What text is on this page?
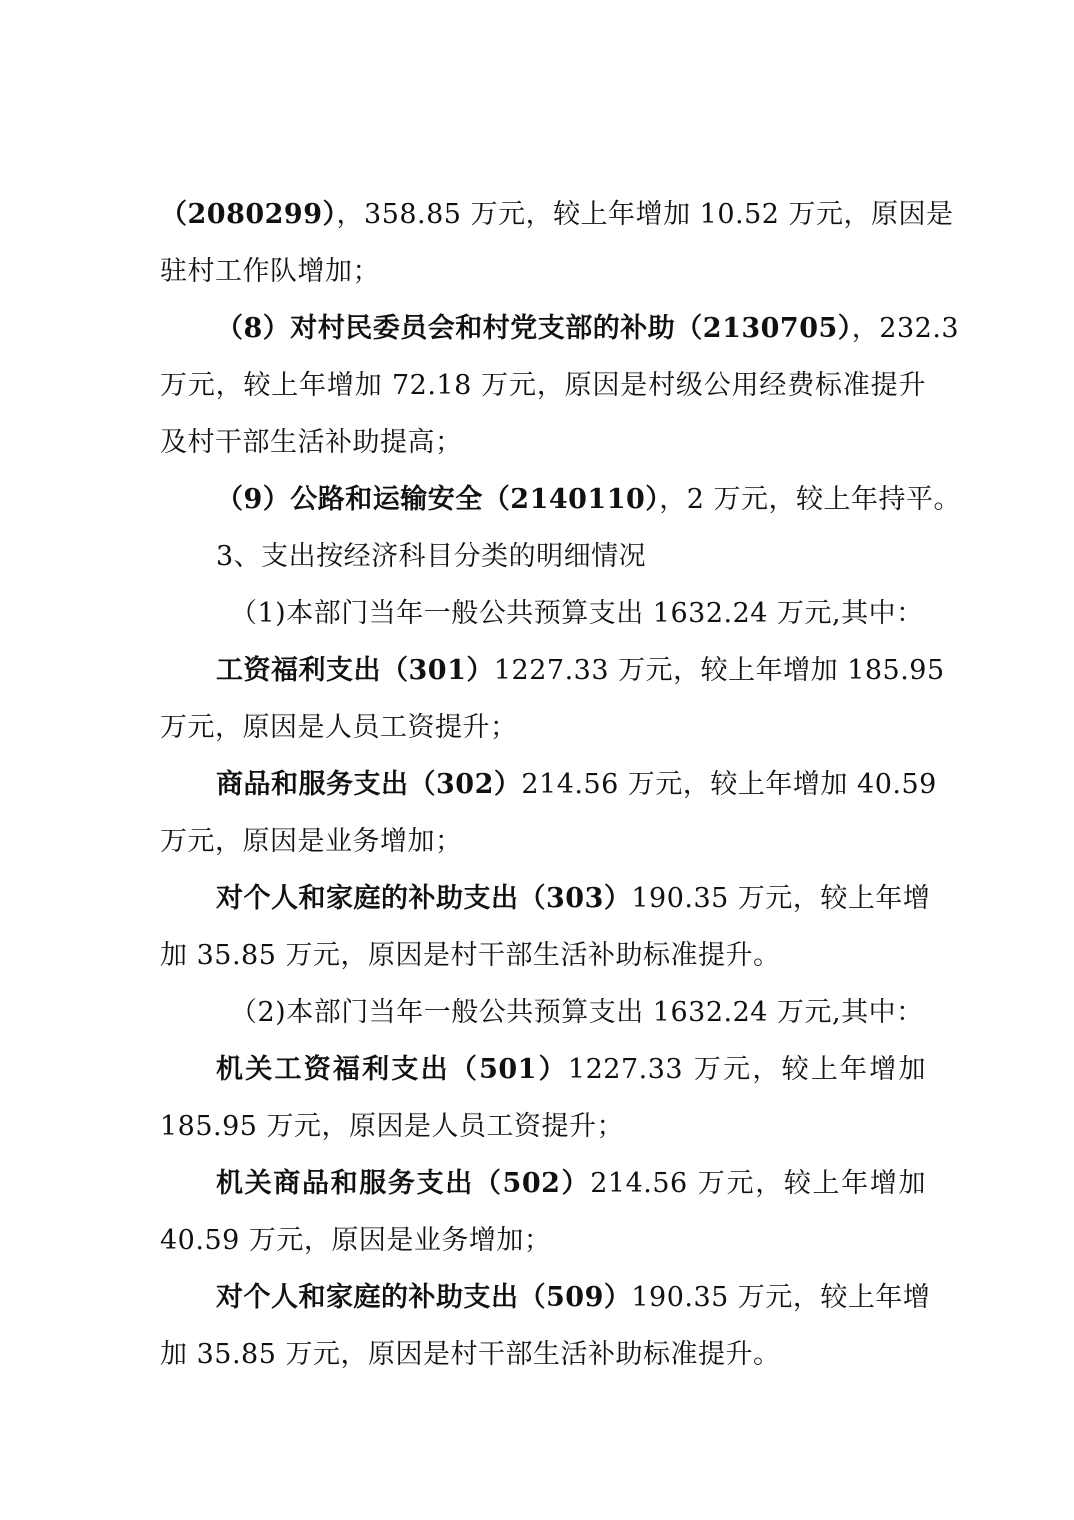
（2080299），358.85 万元，较上年增加 10.52 万元，原因是
驻村工作队增加；
（8）对村民委员会和村党支部的补助（2130705），232.3
万元，较上年增加 72.18 万元，原因是村级公用经费标准提升
及村干部生活补助提高；
（9）公路和运输安全（2140110），2 万元，较上年持平。
3、支出按经济科目分类的明细情况
（1)本部门当年一般公共预算支出 1632.24 万元,其中：
工资福利支出（301）1227.33 万元，较上年增加 185.95
万元，原因是人员工资提升；
商品和服务支出（302）214.56 万元，较上年增加 40.59
万元，原因是业务增加；
对个人和家庭的补助支出（303）190.35 万元，较上年增
加 35.85 万元，原因是村干部生活补助标准提升。
（2)本部门当年一般公共预算支出 1632.24 万元,其中：
机关工资福利支出（501）1227.33 万元，较上年增加
185.95 万元，原因是人员工资提升；
机关商品和服务支出（502）214.56 万元，较上年增加
40.59 万元，原因是业务增加；
对个人和家庭的补助支出（509）190.35 万元，较上年增
加 35.85 万元，原因是村干部生活补助标准提升。
